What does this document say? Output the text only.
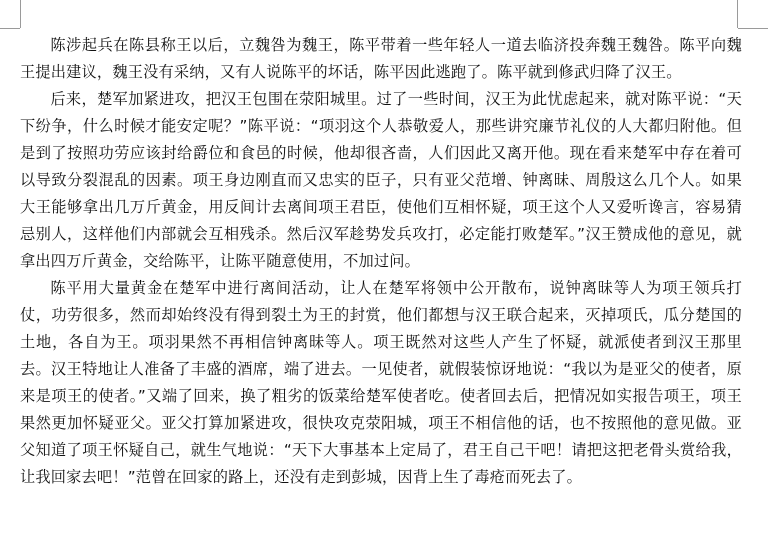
陈涉起兵在陈县称王以后，立魏咎为魏王，陈平带着一些年轻人一道去临济投奔魏王魏咎。陈平向魏王提出建议，魏王没有采纳，又有人说陈平的坏话，陈平因此逃跑了。陈平就到修武归降了汉王。

后来，楚军加紧进攻，把汉王包围在荥阳城里。过了一些时间，汉王为此忧虑起来，就对陈平说：“天下纷争，什么时候才能安定呢？”陈平说：“项羽这个人恭敬爱人，那些讲究廉节礼仪的人大都归附他。但是到了按照功劳应该封给爵位和食邑的时候，他却很吝啬，人们因此又离开他。现在看来楚军中存在着可以导致分裂混乱的因素。项王身边刚直而又忠实的臣子，只有亚父范增、钟离昧、周殷这么几个人。如果大王能够拿出几万斤黄金，用反间计去离间项王君臣，使他们互相怀疑，项王这个人又爱听谗言，容易猜忌别人，这样他们内部就会互相残杀。然后汉军趁势发兵攻打，必定能打败楚军。”汉王赞成他的意见，就拿出四万斤黄金，交给陈平，让陈平随意使用，不加过问。

陈平用大量黄金在楚军中进行离间活动，让人在楚军将领中公开散布，说钟离昧等人为项王领兵打仗，功劳很多，然而却始终没有得到裂土为王的封赏，他们都想与汉王联合起来，灭掉项氏，瓜分楚国的土地，各自为王。项羽果然不再相信钟离昧等人。项王既然对这些人产生了怀疑，就派使者到汉王那里去。汉王特地让人准备了丰盛的酒席，端了进去。一见使者，就假装惊讶地说：“我以为是亚父的使者，原来是项王的使者。”又端了回来，换了粗劣的饭菜给楚军使者吃。使者回去后，把情况如实报告项王，项王果然更加怀疑亚父。亚父打算加紧进攻，很快攻克荥阳城，项王不相信他的话，也不按照他的意见做。亚父知道了项王怀疑自己，就生气地说：“天下大事基本上定局了，君王自己干吧！请把这把老骨头赏给我，让我回家去吧！”范曾在回家的路上，还没有走到彭城，因背上生了毒疮而死去了。
